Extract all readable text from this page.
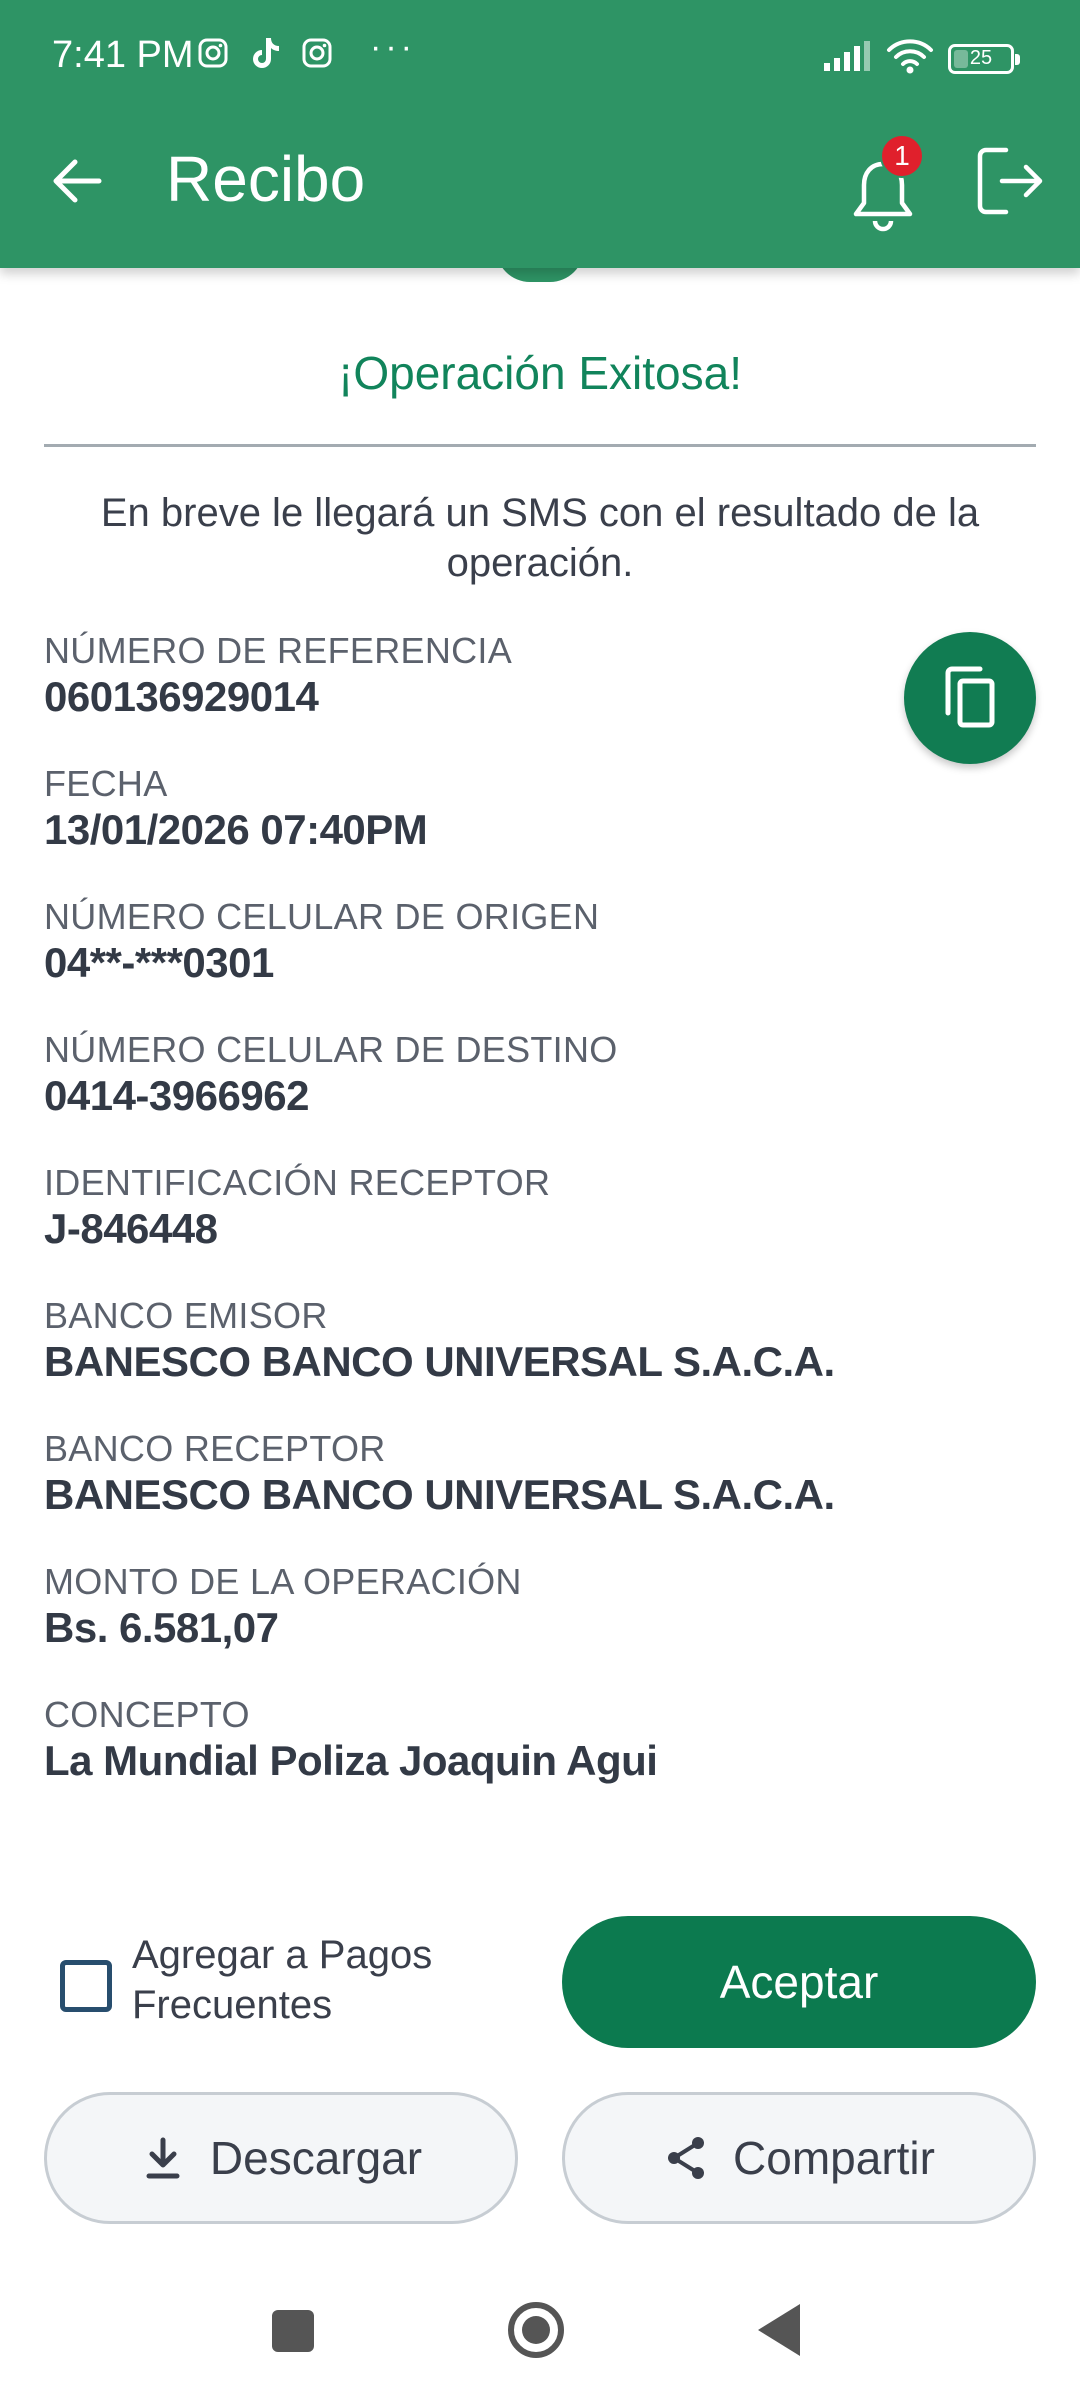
7:41 PM	···	25
Recibo	1
¡Operación Exitosa!

En breve le llegará un SMS con el resultado de la operación.

NÚMERO DE REFERENCIA
060136929014
FECHA
13/01/2026 07:40PM
NÚMERO CELULAR DE ORIGEN
04**-***0301
NÚMERO CELULAR DE DESTINO
0414-3966962
IDENTIFICACIÓN RECEPTOR
J-846448
BANCO EMISOR
BANESCO BANCO UNIVERSAL S.A.C.A.
BANCO RECEPTOR
BANESCO BANCO UNIVERSAL S.A.C.A.
MONTO DE LA OPERACIÓN
Bs. 6.581,07
CONCEPTO
La Mundial Poliza Joaquin Agui
Agregar a Pagos Frecuentes	Aceptar
Descargar	Compartir
